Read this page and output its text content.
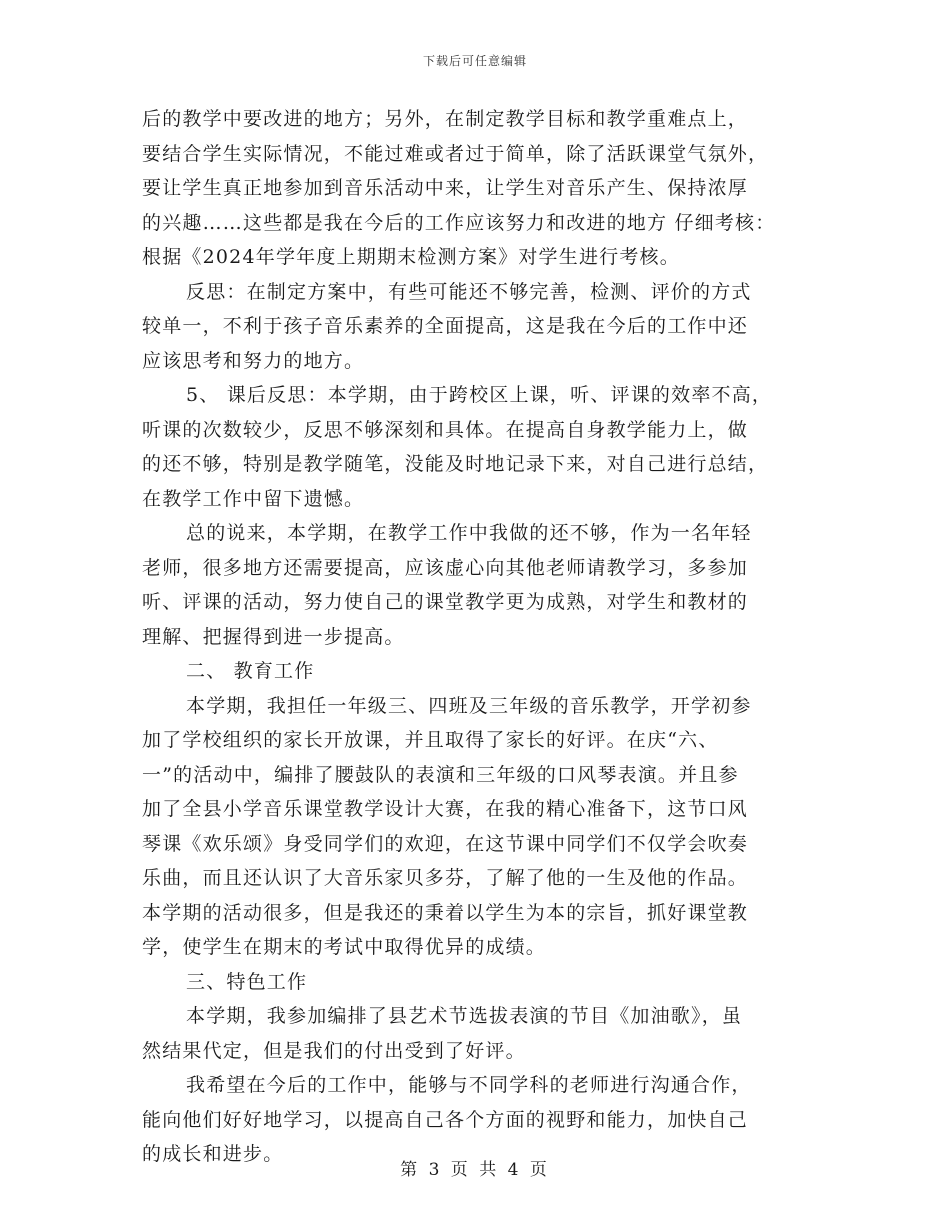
下载后可任意编辑
后的教学中要改进的地方；另外，在制定教学目标和教学重难点上，
要结合学生实际情况，不能过难或者过于简单，除了活跃课堂气氛外，
要让学生真正地参加到音乐活动中来，让学生对音乐产生、保持浓厚
的兴趣……这些都是我在今后的工作应该努力和改进的地方 仔细考核：
根据《2024年学年度上期期末检测方案》对学生进行考核。
反思：在制定方案中，有些可能还不够完善，检测、评价的方式
较单一，不利于孩子音乐素养的全面提高，这是我在今后的工作中还
应该思考和努力的地方。
5、 课后反思：本学期，由于跨校区上课，听、评课的效率不高，
听课的次数较少，反思不够深刻和具体。在提高自身教学能力上，做
的还不够，特别是教学随笔，没能及时地记录下来，对自己进行总结，
在教学工作中留下遗憾。
总的说来，本学期，在教学工作中我做的还不够，作为一名年轻
老师，很多地方还需要提高，应该虚心向其他老师请教学习，多参加
听、评课的活动，努力使自己的课堂教学更为成熟，对学生和教材的
理解、把握得到进一步提高。
二、 教育工作
本学期，我担任一年级三、四班及三年级的音乐教学，开学初参
加了学校组织的家长开放课，并且取得了家长的好评。在庆“六、
一”的活动中，编排了腰鼓队的表演和三年级的口风琴表演。并且参
加了全县小学音乐课堂教学设计大赛，在我的精心准备下，这节口风
琴课《欢乐颂》身受同学们的欢迎，在这节课中同学们不仅学会吹奏
乐曲，而且还认识了大音乐家贝多芬，了解了他的一生及他的作品。
本学期的活动很多，但是我还的秉着以学生为本的宗旨，抓好课堂教
学，使学生在期末的考试中取得优异的成绩。
三、特色工作
本学期，我参加编排了县艺术节选拔表演的节目《加油歌》，虽
然结果代定，但是我们的付出受到了好评。
我希望在今后的工作中，能够与不同学科的老师进行沟通合作，
能向他们好好地学习，以提高自己各个方面的视野和能力，加快自己
的成长和进步。
第 3 页 共 4 页
